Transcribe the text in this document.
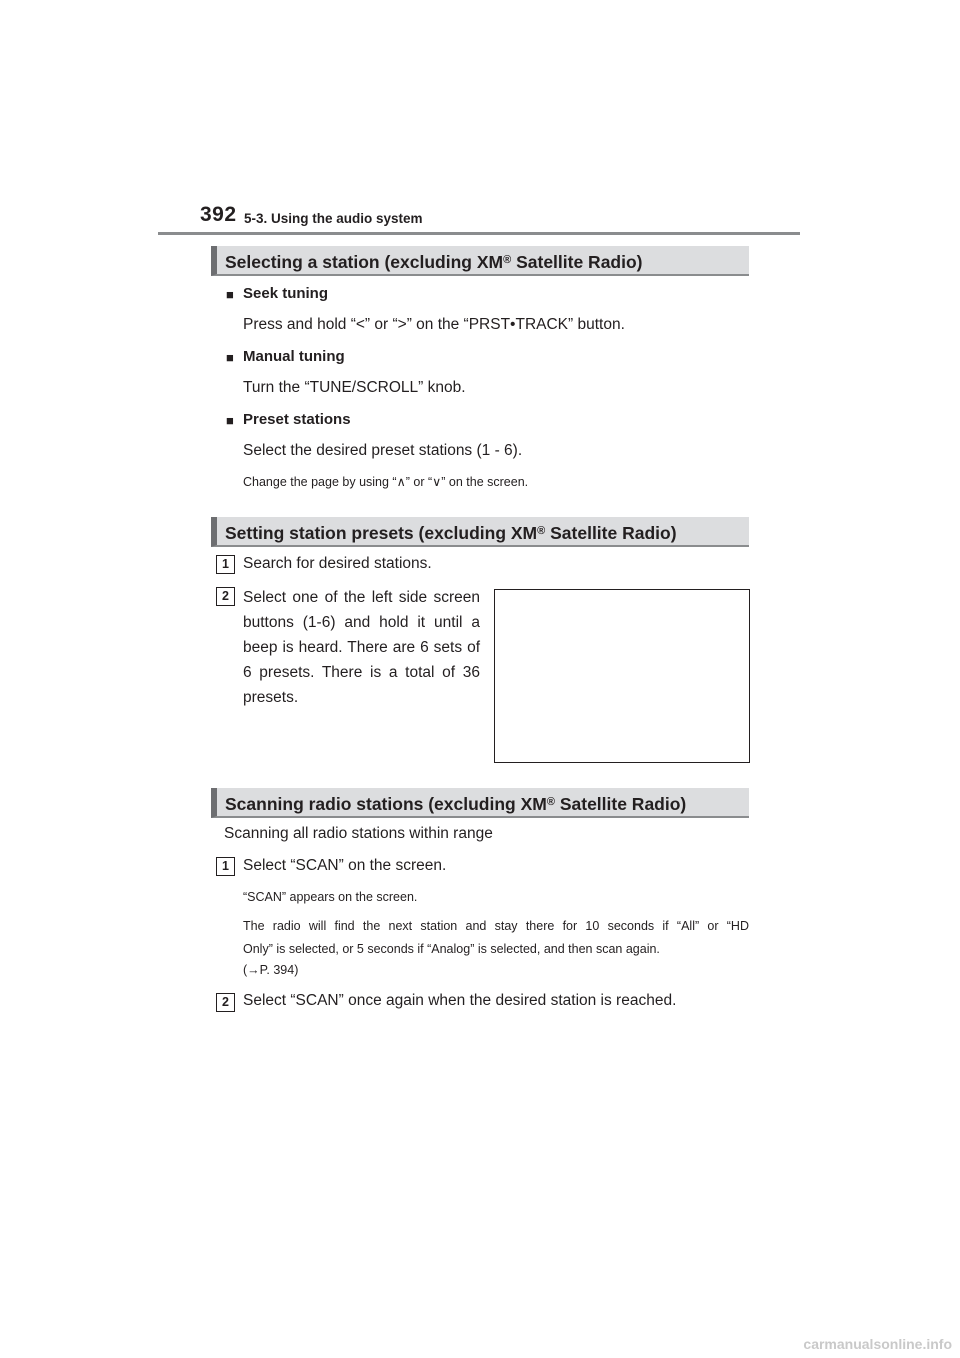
392 5-3. Using the audio system
Selecting a station (excluding XM® Satellite Radio)
■ Seek tuning
Press and hold “<” or “>” on the “PRST•TRACK” button.
■ Manual tuning
Turn the “TUNE/SCROLL” knob.
■ Preset stations
Select the desired preset stations (1 - 6).
Change the page by using “∧” or “∨” on the screen.
Setting station presets (excluding XM® Satellite Radio)
1 Search for desired stations.
2 Select one of the left side screen buttons (1-6) and hold it until a beep is heard. There are 6 sets of 6 presets. There is a total of 36 presets.
Scanning radio stations (excluding XM® Satellite Radio)
Scanning all radio stations within range
1 Select “SCAN” on the screen.
“SCAN” appears on the screen.
The radio will find the next station and stay there for 10 seconds if “All” or “HD
Only” is selected, or 5 seconds if “Analog” is selected, and then scan again.
(→P. 394)
2 Select “SCAN” once again when the desired station is reached.
carmanualsonline.info
